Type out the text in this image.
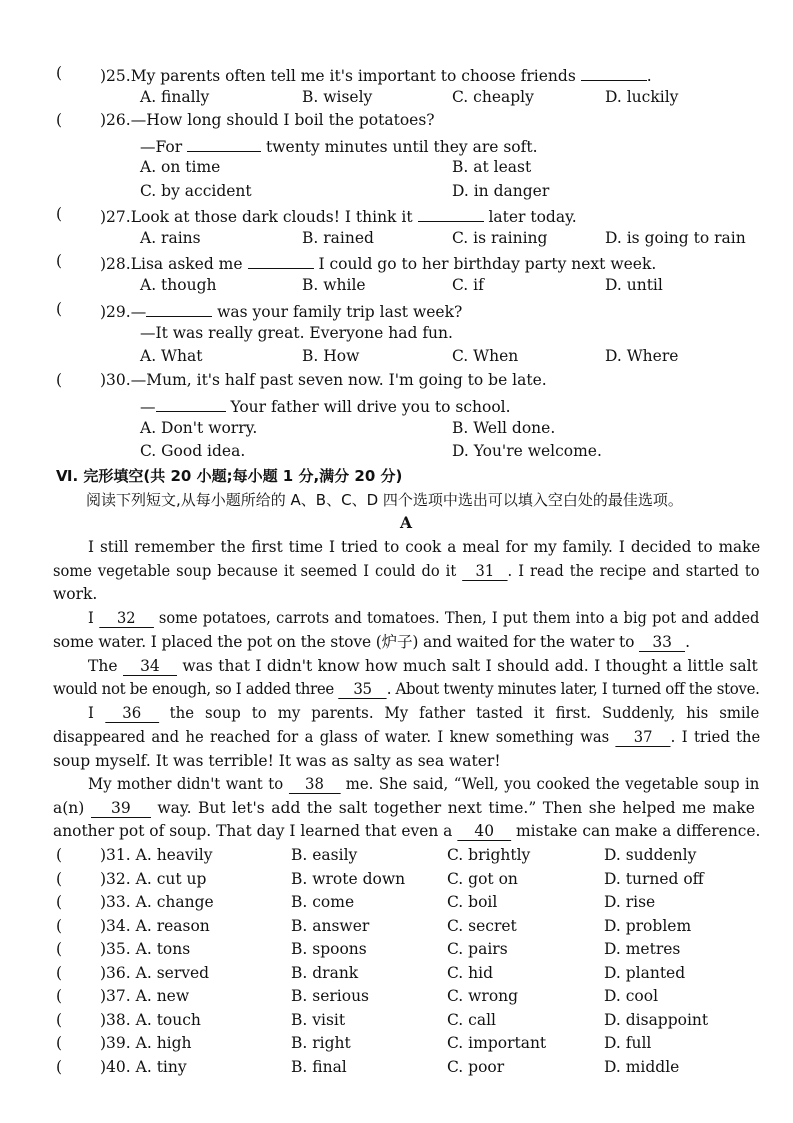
( )25.My parents often tell me it's important to choose friends	.
A. finally	B. wisely	C. cheaply	D. luckily
( )26.—How long should I boil the potatoes?
—For	twenty minutes until they are soft.
A. on time	B. at least
C. by accident	D. in danger
( )27.Look at those dark clouds! I think it	later today.
A. rains	B. rained	C. is raining	D. is going to rain
( )28.Lisa asked me	I could go to her birthday party next week.
A. though	B. while	C. if	D. until
( )29.—	was your family trip last week?
—It was really great. Everyone had fun.
A. What	B. How	C. When	D. Where
( )30.—Mum, it's half past seven now. I'm going to be late.
—	Your father will drive you to school.
A. Don't worry.	B. Well done.
C. Good idea.	D. You're welcome.
Ⅵ. 完形填空(共 20 小题;每小题 1 分,满分 20 分)
阅读下列短文,从每小题所给的 A、B、C、D 四个选项中选出可以填入空白处的最佳选项。
A
I still remember the first time I tried to cook a meal for my family. I decided to make
some vegetable soup because it seemed I could do it 31 . I read the recipe and started to
work.
I 32 some potatoes, carrots and tomatoes. Then, I put them into a big pot and added
some water. I placed the pot on the stove (炉子) and waited for the water to 33 .
The 34 was that I didn't know how much salt I should add. I thought a little salt
would not be enough, so I added three 35 . About twenty minutes later, I turned off the stove.
I 36 the soup to my parents. My father tasted it first. Suddenly, his smile
disappeared and he reached for a glass of water. I knew something was 37 . I tried the
soup myself. It was terrible! It was as salty as sea water!
My mother didn't want to 38 me. She said, “Well, you cooked the vegetable soup in
a(n) 39 way. But let's add the salt together next time.” Then she helped me make
another pot of soup. That day I learned that even a 40 mistake can make a difference.
( )31. A. heavily	B. easily	C. brightly	D. suddenly
( )32. A. cut up	B. wrote down	C. got on	D. turned off
( )33. A. change	B. come	C. boil	D. rise
( )34. A. reason	B. answer	C. secret	D. problem
( )35. A. tons	B. spoons	C. pairs	D. metres
( )36. A. served	B. drank	C. hid	D. planted
( )37. A. new	B. serious	C. wrong	D. cool
( )38. A. touch	B. visit	C. call	D. disappoint
( )39. A. high	B. right	C. important	D. full
( )40. A. tiny	B. final	C. poor	D. middle
